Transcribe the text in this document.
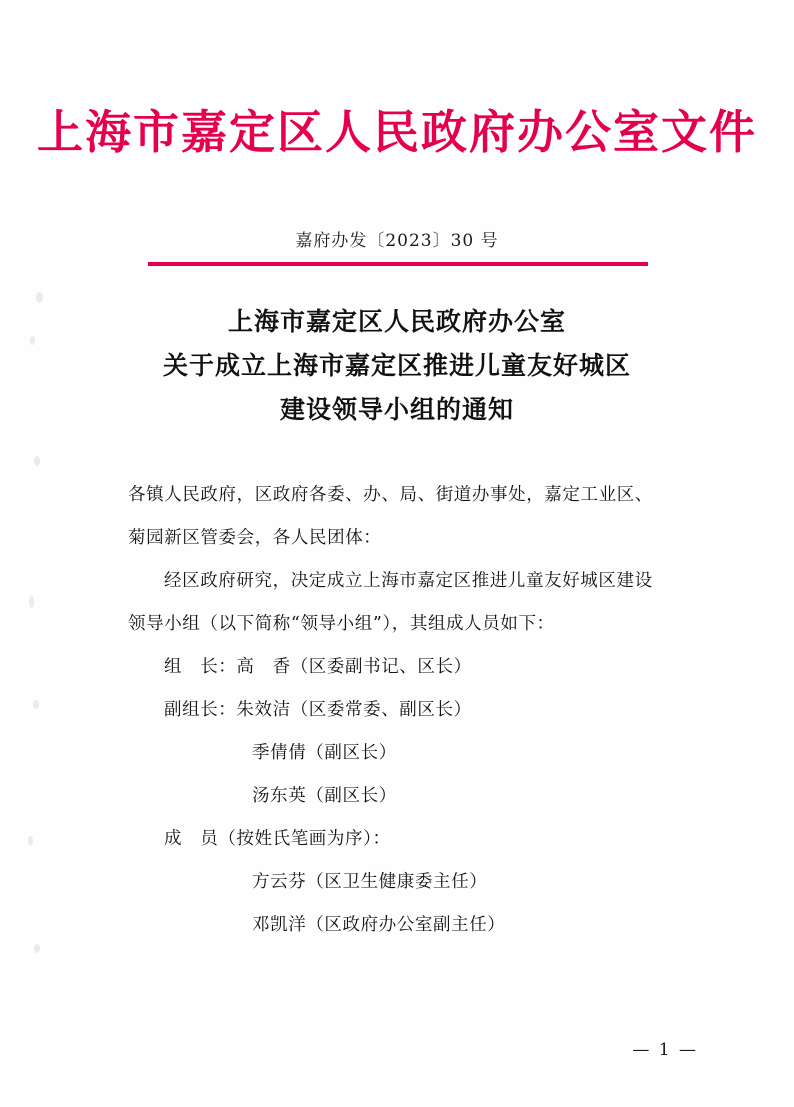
上海市嘉定区人民政府办公室文件
嘉府办发〔2023〕30 号
上海市嘉定区人民政府办公室
关于成立上海市嘉定区推进儿童友好城区
建设领导小组的通知
各镇人民政府，区政府各委、办、局、街道办事处，嘉定工业区、菊园新区管委会，各人民团体：
经区政府研究，决定成立上海市嘉定区推进儿童友好城区建设领导小组（以下简称“领导小组”），其组成人员如下：
组　长：高　香（区委副书记、区长）
副组长：朱效洁（区委常委、副区长）
季倩倩（副区长）
汤东英（副区长）
成　员（按姓氏笔画为序）：
方云芬（区卫生健康委主任）
邓凯洋（区政府办公室副主任）
— 1 —
